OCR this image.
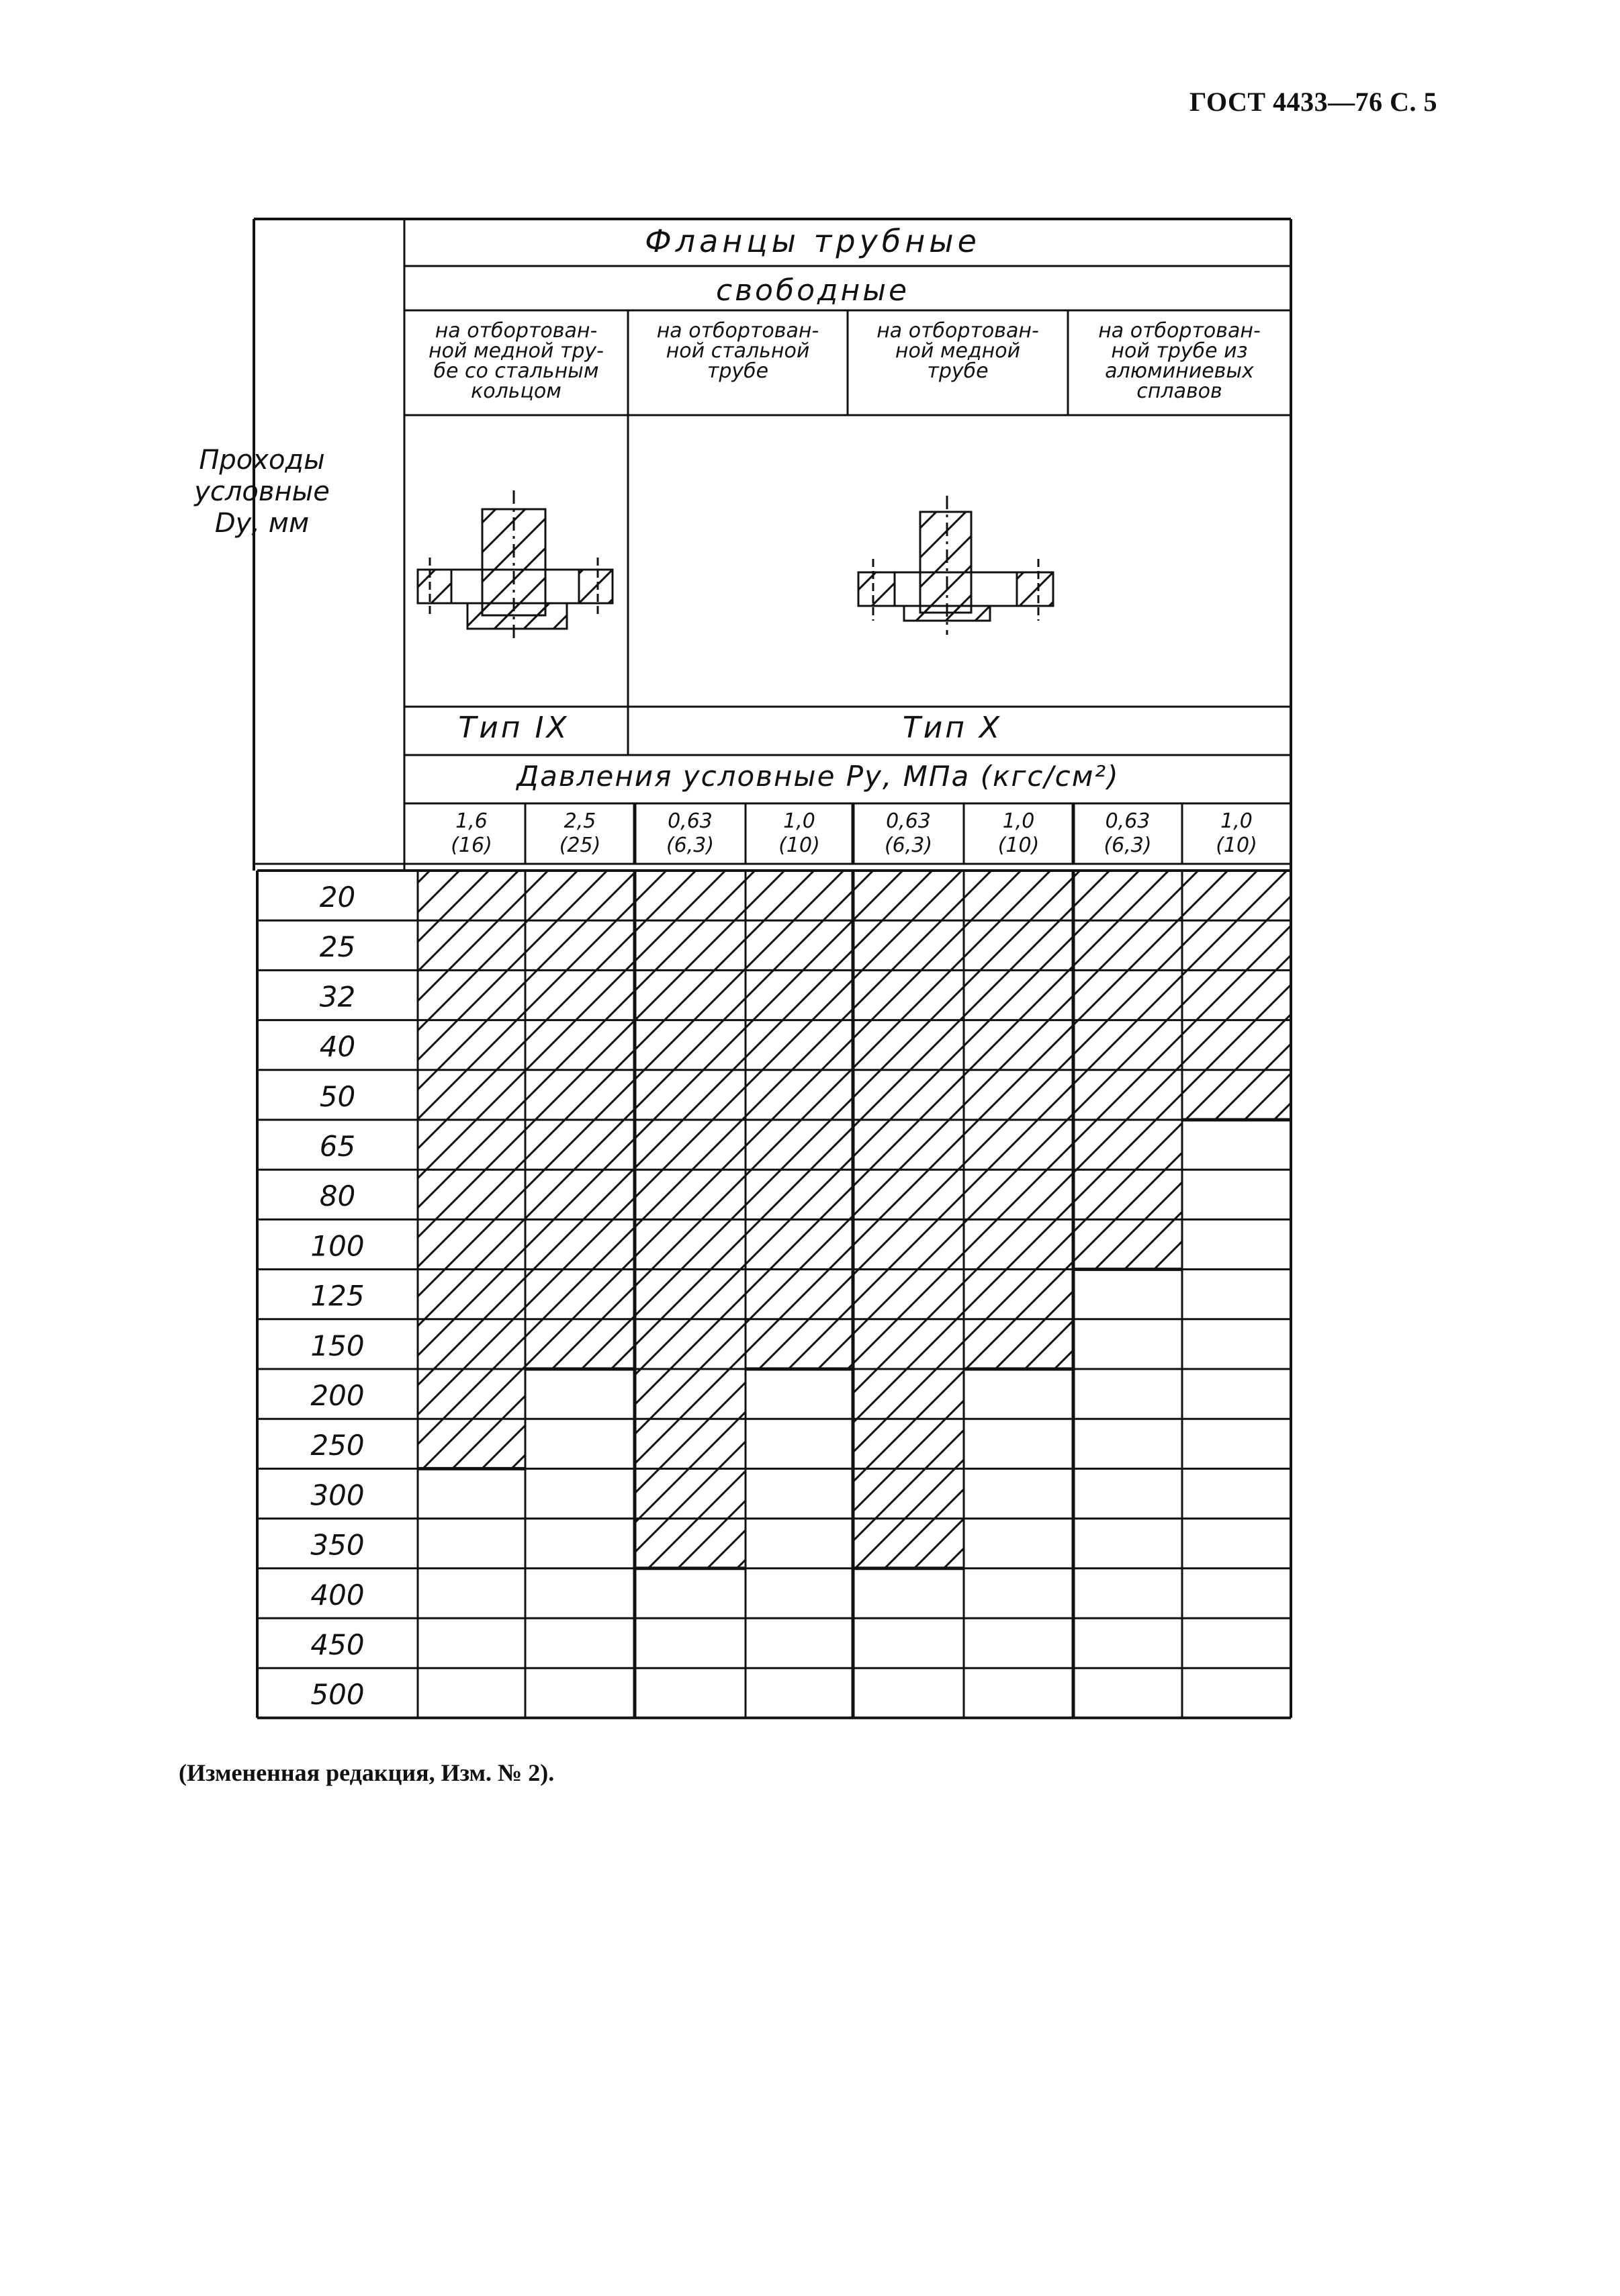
ГОСТ 4433—76 С. 5
на отбортован-
ной медной тру-
бе со стальным
кольцом
на отбортован-
ной стальной
трубе
на отбортован-
ной медной
трубе
на отбортован-
ной трубе из
алюминиевых
сплавов
1,6
(16)
2,5
(25)
0,63
(6,3)
1,0
(10)
0,63
(6,3)
1,0
(10)
0,63
(6,3)
1,0
(10)
20
25
32
40
50
65
80
100
125
150
200
250
300
350
400
450
500
Проходы
условные
Dу, мм
Фланцы трубные
свободные
Тип IX	Тип X
Давления условные Pу, МПа (кгс/см²)
(Измененная редакция, Изм. № 2).
